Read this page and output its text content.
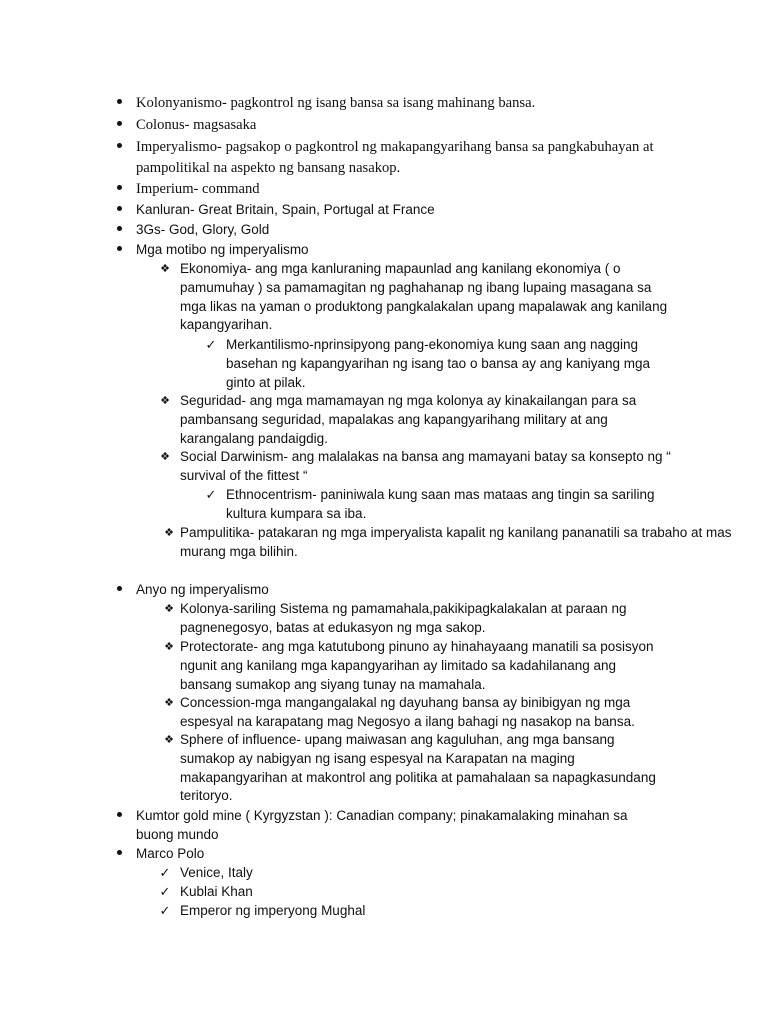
Kolonyanismo- pagkontrol ng isang bansa sa isang mahinang bansa.
Colonus- magsasaka
Imperyalismo- pagsakop o pagkontrol ng makapangyarihang bansa sa pangkabuhayan at pampolitikal na aspekto ng bansang nasakop.
Imperium- command
Kanluran- Great Britain, Spain, Portugal at France
3Gs- God, Glory, Gold
Mga motibo ng imperyalismo
❖ Ekonomiya- ang mga kanluraning mapaunlad ang kanilang ekonomiya ( o pamumuhay ) sa pamamagitan ng paghahanap ng ibang lupaing masagana sa mga likas na yaman o produktong pangkalakalan upang mapalawak ang kanilang kapangyarihan.
✓ Merkantilismo-nprinsipyong pang-ekonomiya kung saan ang nagging basehan ng kapangyarihan ng isang tao o bansa ay ang kaniyang mga ginto at pilak.
❖ Seguridad- ang mga mamamayan ng mga kolonya ay kinakailangan para sa pambansang seguridad, mapalakas ang kapangyarihang military at ang karangalang pandaigdig.
❖ Social Darwinism- ang malalakas na bansa ang mamayani batay sa konsepto ng “ survival of the fittest “
✓ Ethnocentrism- paniniwala kung saan mas mataas ang tingin sa sariling kultura kumpara sa iba.
❖ Pampulitika- patakaran ng mga imperyalista kapalit ng kanilang pananatili sa trabaho at mas murang mga bilihin.
Anyo ng imperyalismo
❖ Kolonya-sariling Sistema ng pamamahala,pakikipagkalakalan at paraan ng pagnenegosyo, batas at edukasyon ng mga sakop.
❖ Protectorate- ang mga katutubong pinuno ay hinahayaang manatili sa posisyon ngunit ang kanilang mga kapangyarihan ay limitado sa kadahilanang ang bansang sumakop ang siyang tunay na mamahala.
❖ Concession-mga mangangalakal ng dayuhang bansa ay binibigyan ng mga espesyal na karapatang mag Negosyo a ilang bahagi ng nasakop na bansa.
❖ Sphere of influence- upang maiwasan ang kaguluhan, ang mga bansang sumakop ay nabigyan ng isang espesyal na Karapatan na maging makapangyarihan at makontrol ang politika at pamahalaan sa napagkasundang teritoryo.
Kumtor gold mine ( Kyrgyzstan ): Canadian company; pinakamalaking minahan sa buong mundo
Marco Polo
✓ Venice, Italy
✓ Kublai Khan
✓ Emperor ng imperyong Mughal
